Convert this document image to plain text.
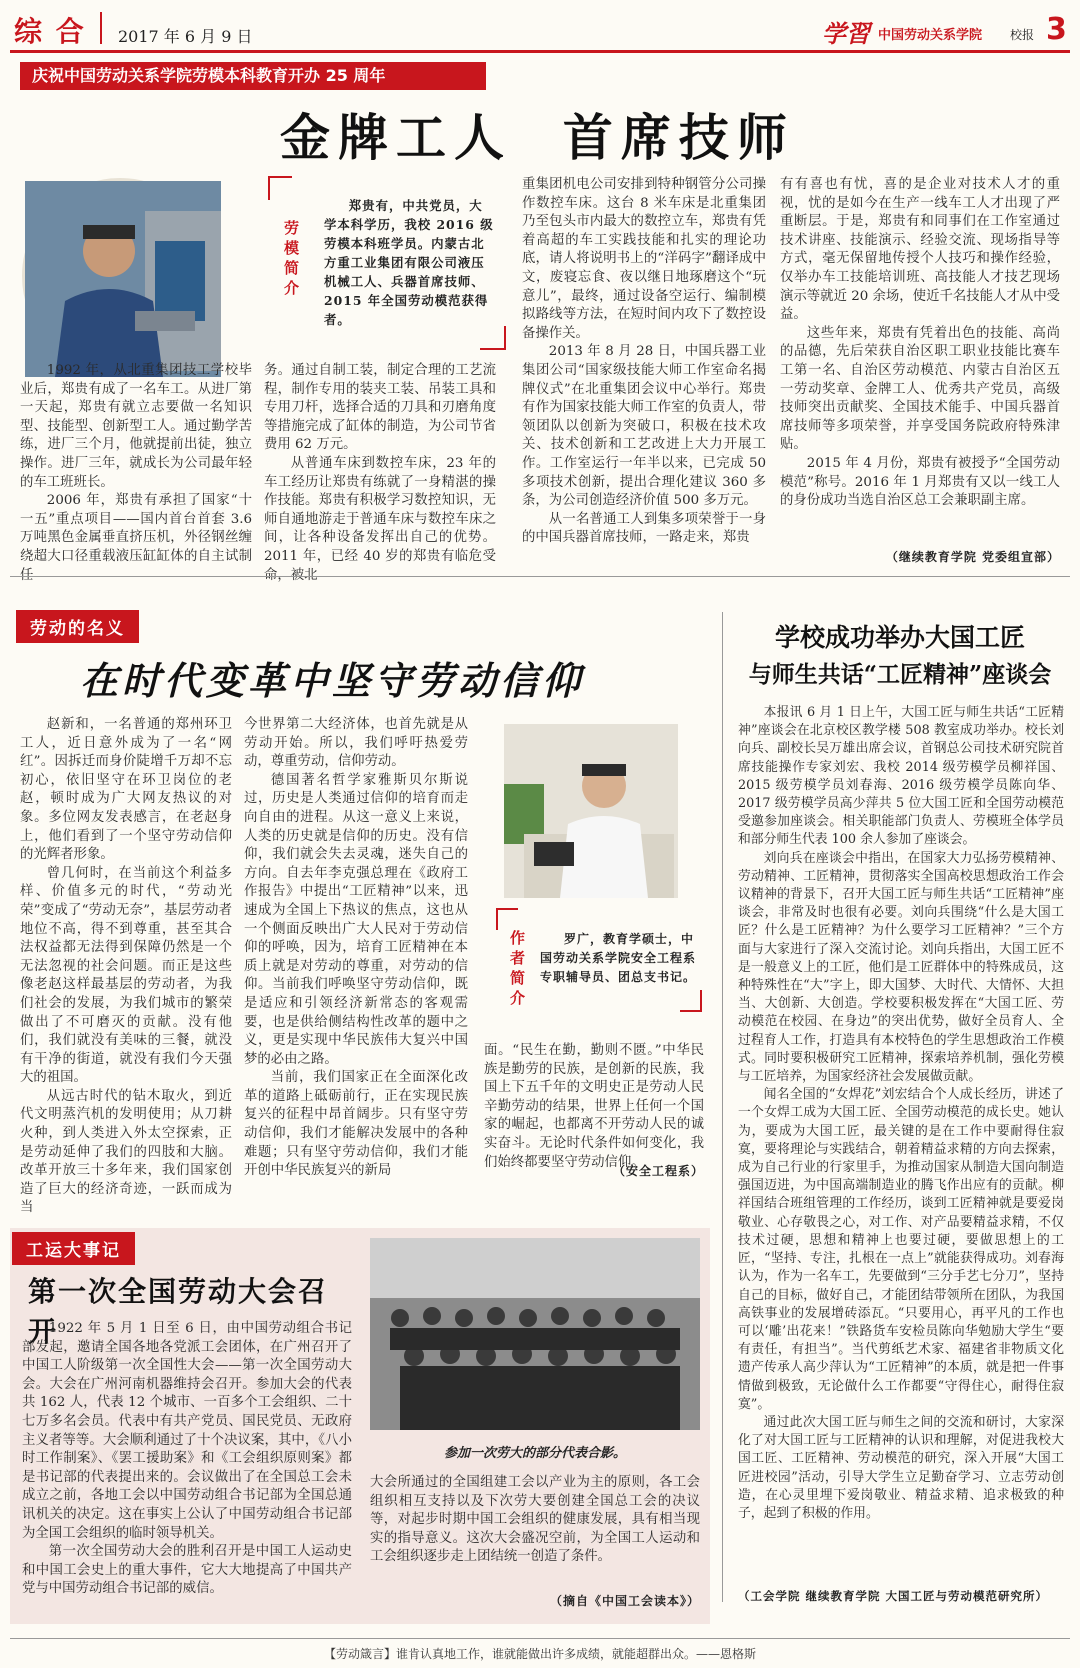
综 合 2017 年 6 月 9 日	学習 中国劳动关系学院 校报 3
庆祝中国劳动关系学院劳模本科教育开办 25 周年
金牌工人  首席技师
劳模简介
郑贵有，中共党员，大学本科学历，我校 2016 级劳模本科班学员。内蒙古北方重工业集团有限公司液压机械工人、兵器首席技师、2015 年全国劳动模范获得者。

1992 年，从北重集团技工学校毕业后，郑贵有成了一名车工。从进厂第一天起，郑贵有就立志要做一名知识型、技能型、创新型工人。通过勤学苦练，进厂三个月，他就提前出徒，独立操作。进厂三年，就成长为公司最年轻的车工班班长。

2006 年，郑贵有承担了国家“十一五”重点项目——国内首台首套 3.6 万吨黑色金属垂直挤压机，外径钢丝缠绕超大口径重载液压缸缸体的自主试制

务。通过自制工装，制定合理的工艺流程，制作专用的装夹工装、吊装工具和专用刀杆，选择合适的刀具和刃磨角度等措施完成了缸体的制造，为公司节省费用 62 万元。

从普通车床到数控车床，23 年的车工经历让郑贵有练就了一身精湛的操作技能。郑贵有积极学习数控知识，无师自通地游走于普通车床与数控车床之间，让各种设备发挥出自己的优势。2011 年，已经 40 岁的郑贵有临危受

重集团机电公司安排到特种钢管分公司操作数控车床。这台 8 米车床是北重集团乃至包头市内最大的数控立车，郑贵有凭着高超的车工实践技能和扎实的理论功底，请人将说明书上的“洋码字”翻译成中文，废寝忘食、夜以继日地琢磨这个“玩意儿”，最终，通过设备空运行、编制模拟路线等方法，在短时间内攻下了数控设备操作关。

2013 年 8 月 28 日，中国兵器工业集团公司“国家级技能大师工作室命名揭牌仪式”在北重集团会议中心举行。郑贵有作为国家技能大师工作室的负责人，带领团队以创新为突破口，积极在技术攻关、技术创新和工艺改进上大力开展工作。工作室运行一年半以来，已完成 50 多项技术创新，提出合理化建议 360 多条，为公司创造经济价值 500 多万元。

从一名普通工人到集多项荣誉于一身的中国兵器首席技师，一路走来，郑贵

有有喜也有忧，喜的是企业对技术人才的重视，忧的是如今在生产一线车工人才出现了严重断层。于是，郑贵有和同事们在工作室通过技术讲座、技能演示、经验交流、现场指导等方式，毫无保留地传授个人技巧和操作经验，仅举办车工技能培训班、高技能人才技艺现场演示等就近 20 余场，使近千名技能人才从中受益。

这些年来，郑贵有凭着出色的技能、高尚的品德，先后荣获自治区职工职业技能比赛车工第一名、自治区劳动模范、内蒙古自治区五一劳动奖章、金牌工人、优秀共产党员，高级技师突出贡献奖、全国技术能手、中国兵器首席技师等多项荣誉，并享受国务院政府特殊津贴。

2015 年 4 月份，郑贵有被授予“全国劳动模范”称号。2016 年 1 月郑贵有又以一线工人的身份成功当选自治区总工会兼职副主席。

（继续教育学院 党委组宣部）
劳动的名义
在时代变革中坚守劳动信仰

赵新和，一名普通的郑州环卫工人，近日意外成为了一名“网红”。因拆迁而身价陡增千万却不忘初心，依旧坚守在环卫岗位的老赵，顿时成为广大网友热议的对象。多位网友发表感言，在老赵身上，他们看到了一个坚守劳动信仰的光辉者形象。

曾几何时，在当前这个利益多样、价值多元的时代，“劳动光荣”变成了“劳动无奈”，基层劳动者地位不高，得不到尊重，甚至其合法权益都无法得到保障仍然是一个无法忽视的社会问题。而正是这些像老赵这样最基层的劳动者，为我们社会的发展，为我们城市的繁荣做出了不可磨灭的贡献。没有他们，我们就没有美味的三餐，就没有干净的街道，就没有我们今天强大的祖国。

从远古时代的钻木取火，到近代文明蒸汽机的发明使用；从刀耕火种，到人类进入外太空探索，正是劳动延伸了我们的四肢和大脑。改革开放三十多年来，我们国家创造了巨大的经济奇迹，一跃而成为当

今世界第二大经济体，也首先就是从劳动开始。所以，我们呼吁热爱劳动，尊重劳动，信仰劳动。

德国著名哲学家雅斯贝尔斯说过，历史是人类通过信仰的培育而走向自由的进程。从这一意义上来说，人类的历史就是信仰的历史。没有信仰，我们就会失去灵魂，迷失自己的方向。自去年李克强总理在《政府工作报告》中提出“工匠精神”以来，迅速成为全国上下热议的焦点，这也从一个侧面反映出广大人民对于劳动信仰的呼唤，因为，培育工匠精神在本质上就是对劳动的尊重，对劳动的信仰。当前我们呼唤坚守劳动信仰，既是适应和引领经济新常态的客观需要，也是供给侧结构性改革的题中之义，更是实现中华民族伟大复兴中国梦的必由之路。

当前，我们国家正在全面深化改革的道路上砥砺前行，正在实现民族复兴的征程中昂首阔步。只有坚守劳动信仰，我们才能解决发展中的各种难题；只有坚守劳动信仰，我们才能开创中华民族复兴的新局

作者简介
罗广，教育学硕士，中国劳动关系学院安全工程系专职辅导员、团总支书记。

面。“民生在勤，勤则不匮。”中华民族是勤劳的民族，是创新的民族，我国上下五千年的文明史正是劳动人民辛勤劳动的结果，世界上任何一个国家的崛起，也都离不开劳动人民的诚实奋斗。无论时代条件如何变化，我们始终都要坚守劳动信仰。

（安全工程系）
学校成功举办大国工匠
与师生共话“工匠精神”座谈会

本报讯 6 月 1 日上午，大国工匠与师生共话“工匠精神”座谈会在北京校区教学楼 508 教室成功举办。校长刘向兵、副校长吴万雄出席会议，首钢总公司技术研究院首席技能操作专家刘宏、我校 2014 级劳模学员柳祥国、2015 级劳模学员刘春海、2016 级劳模学员陈向华、2017 级劳模学员高少萍共 5 位大国工匠和全国劳动模范受邀参加座谈会。相关职能部门负责人、劳模班全体学员和部分师生代表 100 余人参加了座谈会。

刘向兵在座谈会中指出，在国家大力弘扬劳模精神、劳动精神、工匠精神，贯彻落实全国高校思想政治工作会议精神的背景下，召开大国工匠与师生共话“工匠精神”座谈会，非常及时也很有必要。刘向兵围绕“什么是大国工匠？什么是工匠精神？为什么要学习工匠精神？”三个方面与大家进行了深入交流讨论。刘向兵指出，大国工匠不是一般意义上的工匠，他们是工匠群体中的特殊成员，这种特殊性在“大”字上，即大国梦、大时代、大情怀、大担当、大创新、大创造。学校要积极发挥在“大国工匠、劳动模范在校园、在身边”的突出优势，做好全员育人、全过程育人工作，打造具有本校特色的学生思想政治工作模式。同时要积极研究工匠精神，探索培养机制，强化劳模与工匠培养，为国家经济社会发展做贡献。

闻名全国的“女焊花”刘宏结合个人成长经历，讲述了一个女焊工成为大国工匠、全国劳动模范的成长史。她认为，要成为大国工匠，最关键的是在工作中要耐得住寂寞，要将理论与实践结合，朝着精益求精的方向去探索，成为自己行业的行家里手，为推动国家从制造大国向制造强国迈进，为中国高端制造业的腾飞作出应有的贡献。柳祥国结合班组管理的工作经历，谈到工匠精神就是要爱岗敬业、心存敬畏之心，对工作、对产品要精益求精，不仅技术过硬，思想和精神上也要过硬，要做思想上的工匠，“坚持、专注，扎根在一点上”就能获得成功。刘春海认为，作为一名车工，先要做到“三分手艺七分刀”，坚持自己的目标，做好自己，才能团结带领所在团队，为我国高铁事业的发展增砖添瓦。“只要用心，再平凡的工作也可以‘雕’出花来！”铁路货车安检员陈向华勉励大学生“要有责任，有担当”。当代剪纸艺术家、福建省非物质文化遗产传承人高少萍认为“工匠精神”的本质，就是把一件事情做到极致，无论做什么工作都要“守得住心，耐得住寂寞”。

通过此次大国工匠与师生之间的交流和研讨，大家深化了对大国工匠与工匠精神的认识和理解，对促进我校大国工匠、工匠精神、劳动模范的研究，深入开展“大国工匠进校园”活动，引导大学生立足勤奋学习、立志劳动创造，在心灵里埋下爱岗敬业、精益求精、追求极致的种子，起到了积极的作用。

（工会学院 继续教育学院 大国工匠与劳动模范研究所）
工运大事记
第一次全国劳动大会召开
参加一次劳大的部分代表合影。

1922 年 5 月 1 日至 6 日，由中国劳动组合书记部发起，邀请全国各地各党派工会团体，在广州召开了中国工人阶级第一次全国性大会——第一次全国劳动大会。大会在广州河南机器维持会召开。参加大会的代表共 162 人，代表 12 个城市、一百多个工会组织、二十七万多名会员。代表中有共产党员、国民党员、无政府主义者等等。大会顺利通过了十个决议案，其中，《八小时工作制案》、《罢工援助案》和《工会组织原则案》都是书记部的代表提出来的。会议做出了在全国总工会未成立之前，各地工会以中国劳动组合书记部为全国总通讯机关的决定。这在事实上公认了中国劳动组合书记部为全国工会组织的临时领导机关。

第一次全国劳动大会的胜利召开是中国工人运动史和中国工会史上的重大事件，它大大地提高了中国共产党与中国劳动组合书记部的威信。

大会所通过的全国组建工会以产业为主的原则，各工会组织相互支持以及下次劳大要创建全国总工会的决议等，对起步时期中国工会组织的健康发展，具有相当现实的指导意义。这次大会盛况空前，为全国工人运动和工会组织逐步走上团结统一创造了条件。

（摘自《中国工会读本》）
【劳动箴言】谁肯认真地工作，谁就能做出许多成绩，就能超群出众。——恩格斯
